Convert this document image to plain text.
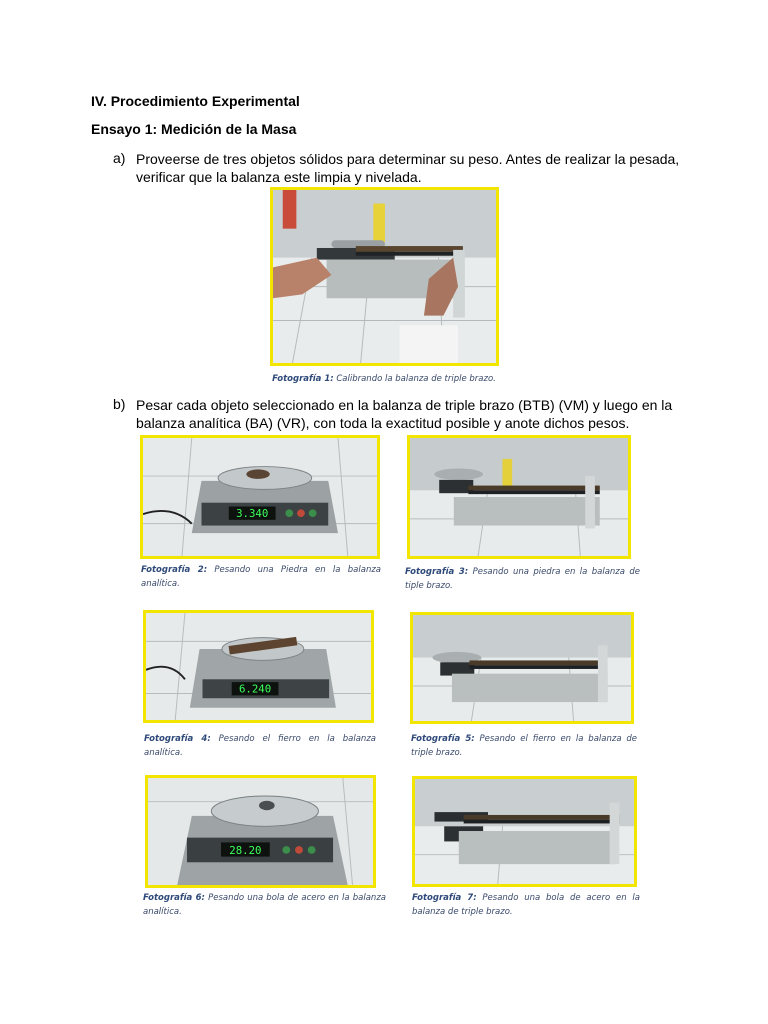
IV. Procedimiento Experimental
Ensayo 1: Medición de la Masa
a) Proveerse de tres objetos sólidos para determinar su peso. Antes de realizar la pesada,
verificar que la balanza este limpia y nivelada.
Fotografía 1: Calibrando la balanza de triple brazo.
b) Pesar cada objeto seleccionado en la balanza de triple brazo (BTB) (VM) y luego en la
balanza analítica (BA) (VR), con toda la exactitud posible y anote dichos pesos.
3.340
Fotografía 2: Pesando una Piedra en la balanza analítica.
Fotografía 3: Pesando una piedra en la balanza de tiple brazo.
6.240
Fotografía 4: Pesando el fierro en la balanza analítica.
Fotografía 5: Pesando el fierro en la balanza de triple brazo.
28.20
Fotografía 6: Pesando una bola de acero en la balanza analítica.
Fotografía 7: Pesando una bola de acero en la balanza de triple brazo.
